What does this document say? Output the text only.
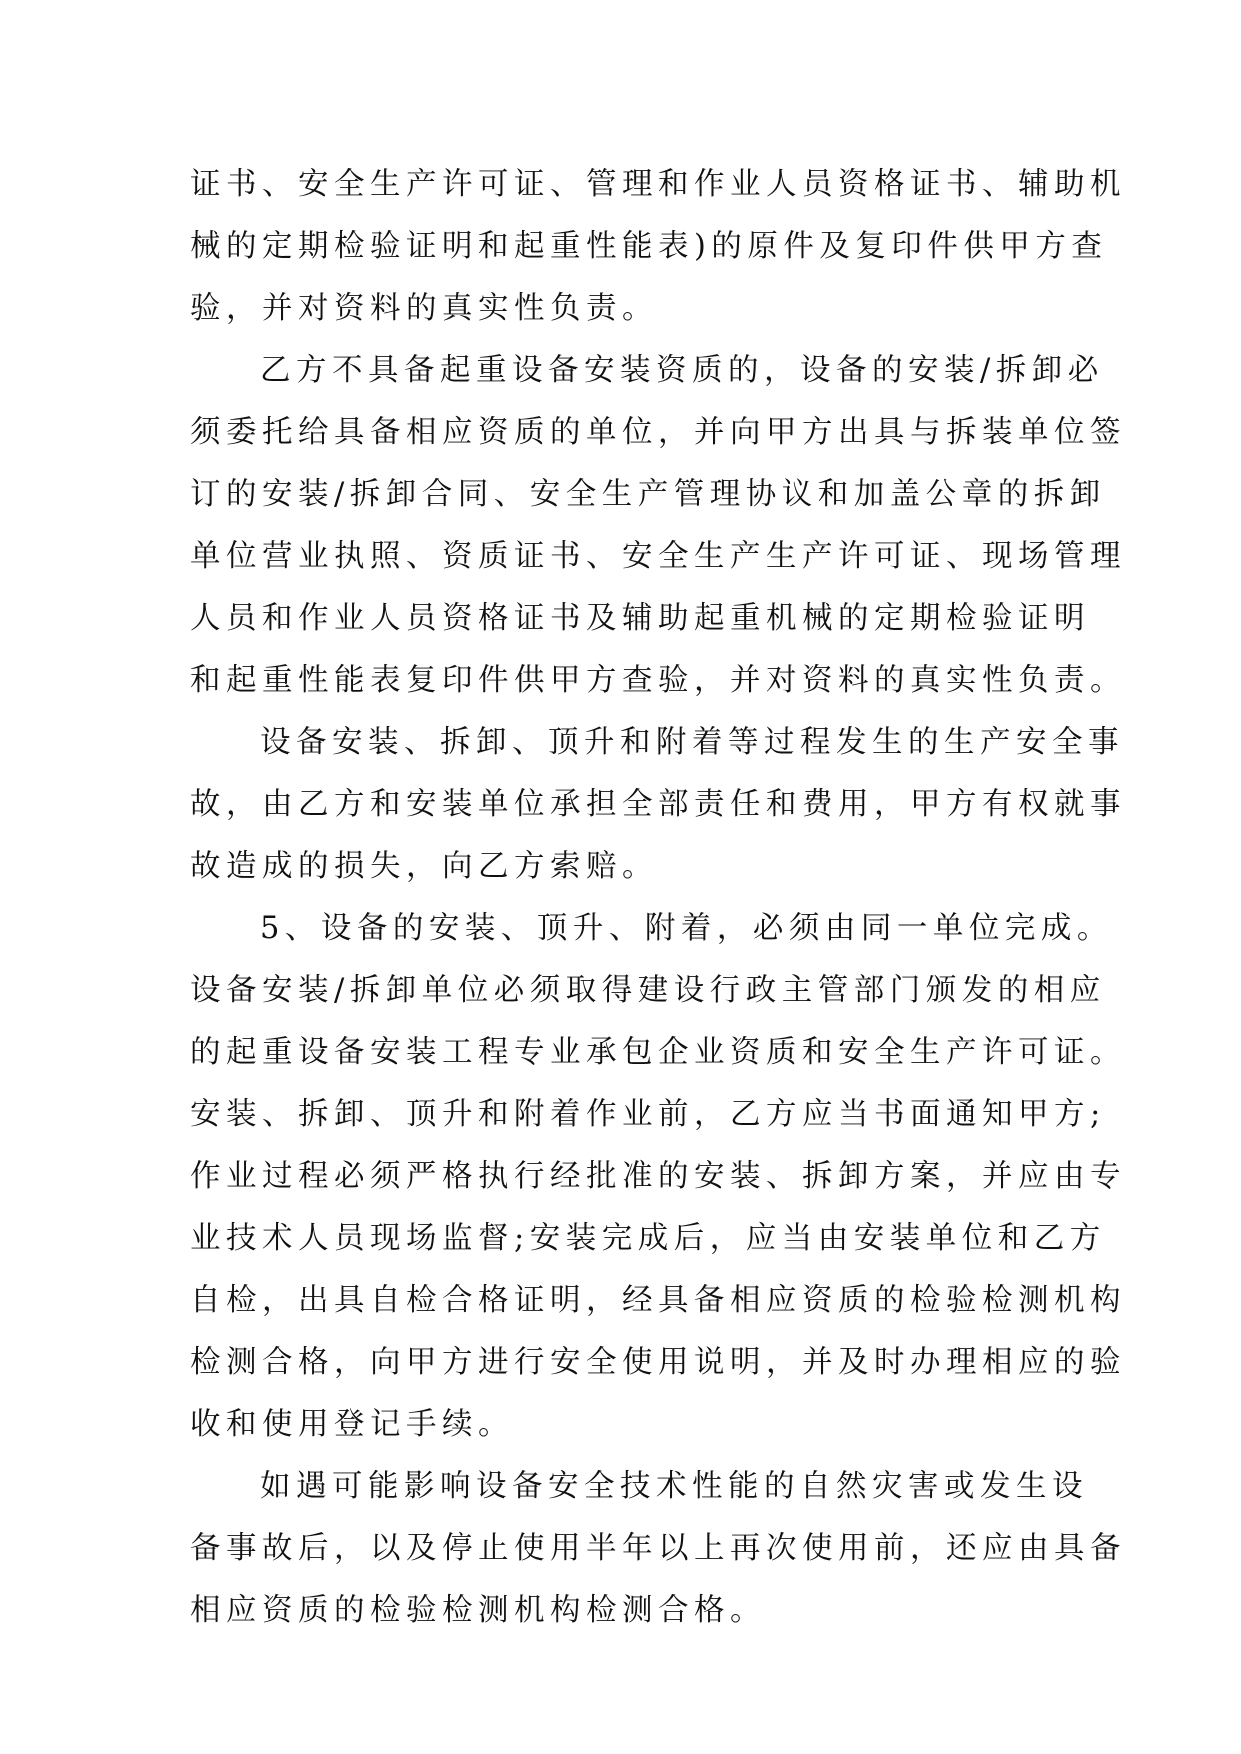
证书、安全生产许可证、管理和作业人员资格证书、辅助机
械的定期检验证明和起重性能表)的原件及复印件供甲方查
验，并对资料的真实性负责。
乙方不具备起重设备安装资质的，设备的安装/拆卸必
须委托给具备相应资质的单位，并向甲方出具与拆装单位签
订的安装/拆卸合同、安全生产管理协议和加盖公章的拆卸
单位营业执照、资质证书、安全生产生产许可证、现场管理
人员和作业人员资格证书及辅助起重机械的定期检验证明
和起重性能表复印件供甲方查验，并对资料的真实性负责。
设备安装、拆卸、顶升和附着等过程发生的生产安全事
故，由乙方和安装单位承担全部责任和费用，甲方有权就事
故造成的损失，向乙方索赔。
5、设备的安装、顶升、附着，必须由同一单位完成。
设备安装/拆卸单位必须取得建设行政主管部门颁发的相应
的起重设备安装工程专业承包企业资质和安全生产许可证。
安装、拆卸、顶升和附着作业前，乙方应当书面通知甲方;
作业过程必须严格执行经批准的安装、拆卸方案，并应由专
业技术人员现场监督;安装完成后，应当由安装单位和乙方
自检，出具自检合格证明，经具备相应资质的检验检测机构
检测合格，向甲方进行安全使用说明，并及时办理相应的验
收和使用登记手续。
如遇可能影响设备安全技术性能的自然灾害或发生设
备事故后，以及停止使用半年以上再次使用前，还应由具备
相应资质的检验检测机构检测合格。
